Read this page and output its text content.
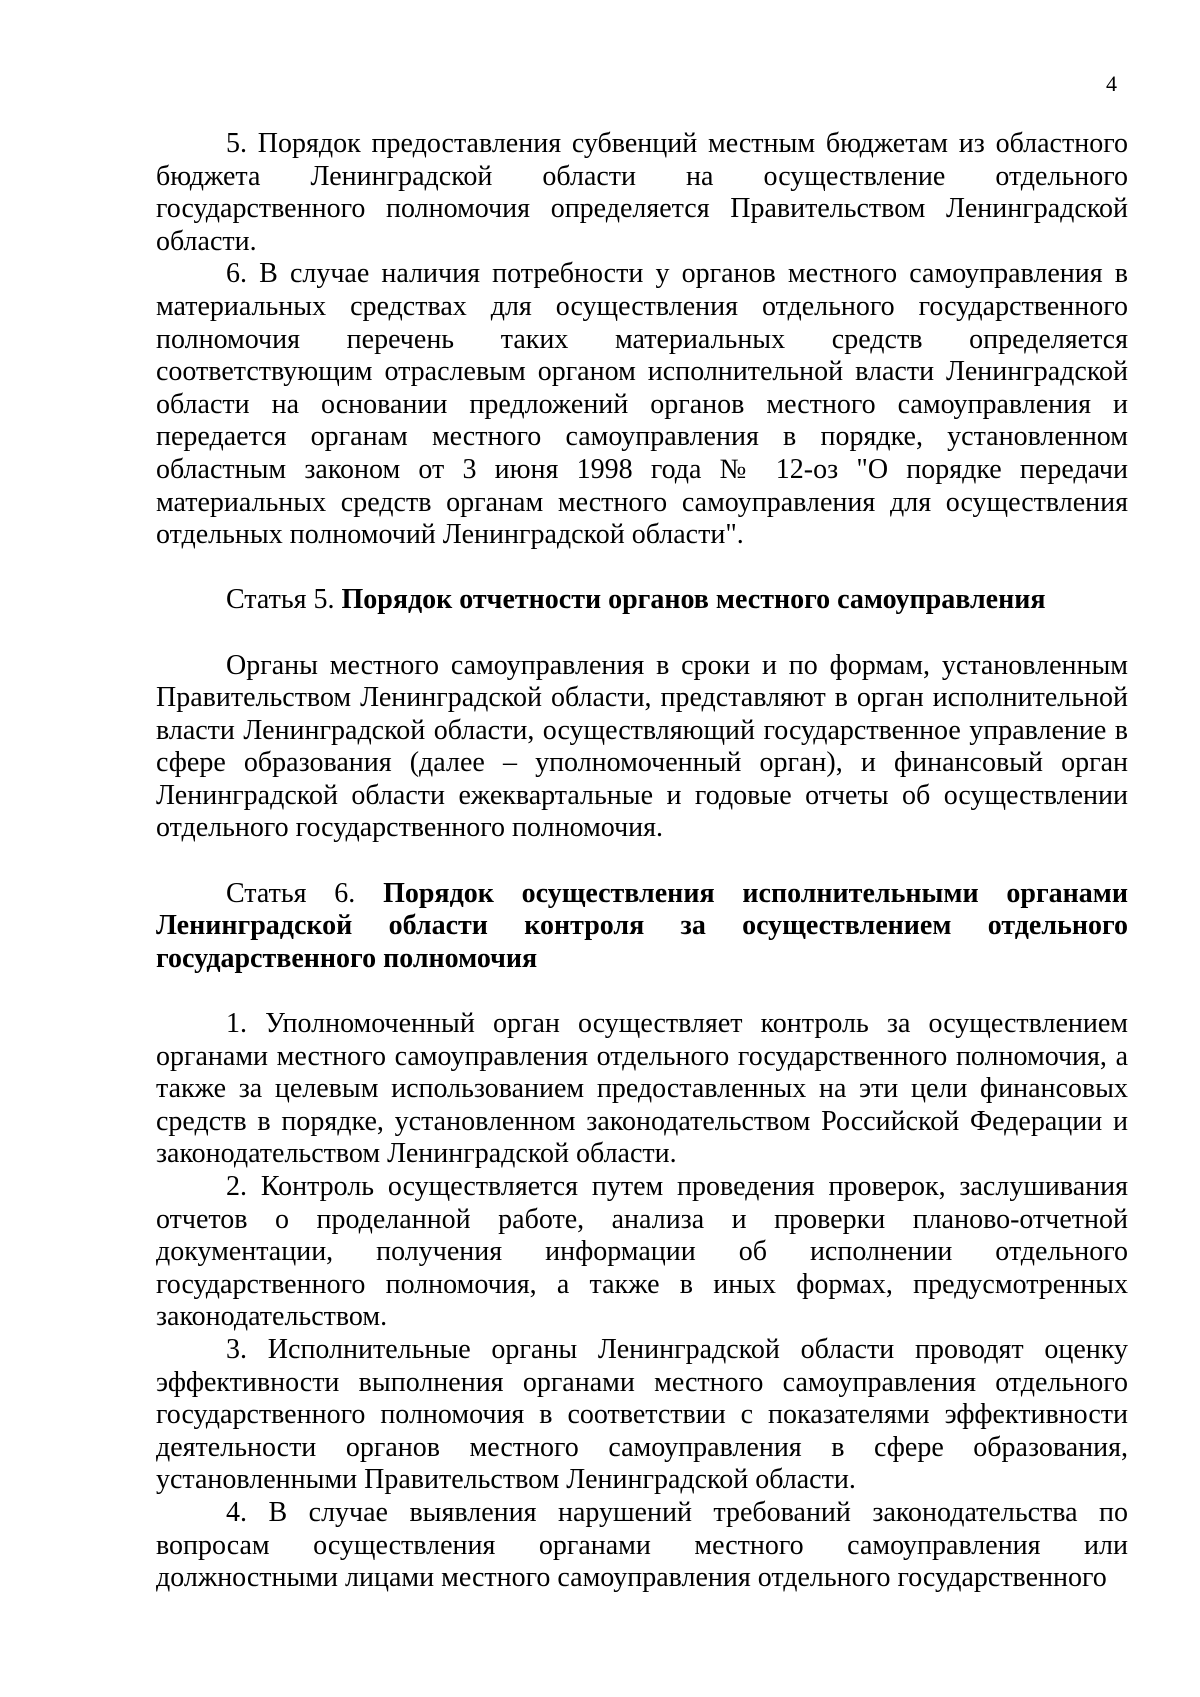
4

5. Порядок предоставления субвенций местным бюджетам из областного бюджета Ленинградской области на осуществление отдельного государственного полномочия определяется Правительством Ленинградской области.

6. В случае наличия потребности у органов местного самоуправления в материальных средствах для осуществления отдельного государственного полномочия перечень таких материальных средств определяется соответствующим отраслевым органом исполнительной власти Ленинградской области на основании предложений органов местного самоуправления и передается органам местного самоуправления в порядке, установленном областным законом от 3 июня 1998 года № 12-оз "О порядке передачи материальных средств органам местного самоуправления для осуществления отдельных полномочий Ленинградской области".

Статья 5. Порядок отчетности органов местного самоуправления

Органы местного самоуправления в сроки и по формам, установленным Правительством Ленинградской области, представляют в орган исполнительной власти Ленинградской области, осуществляющий государственное управление в сфере образования (далее – уполномоченный орган), и финансовый орган Ленинградской области ежеквартальные и годовые отчеты об осуществлении отдельного государственного полномочия.

Статья 6. Порядок осуществления исполнительными органами Ленинградской области контроля за осуществлением отдельного государственного полномочия

1. Уполномоченный орган осуществляет контроль за осуществлением органами местного самоуправления отдельного государственного полномочия, а также за целевым использованием предоставленных на эти цели финансовых средств в порядке, установленном законодательством Российской Федерации и законодательством Ленинградской области.

2. Контроль осуществляется путем проведения проверок, заслушивания отчетов о проделанной работе, анализа и проверки планово-отчетной документации, получения информации об исполнении отдельного государственного полномочия, а также в иных формах, предусмотренных законодательством.

3. Исполнительные органы Ленинградской области проводят оценку эффективности выполнения органами местного самоуправления отдельного государственного полномочия в соответствии с показателями эффективности деятельности органов местного самоуправления в сфере образования, установленными Правительством Ленинградской области.

4. В случае выявления нарушений требований законодательства по вопросам осуществления органами местного самоуправления или должностными лицами местного самоуправления отдельного государственного
